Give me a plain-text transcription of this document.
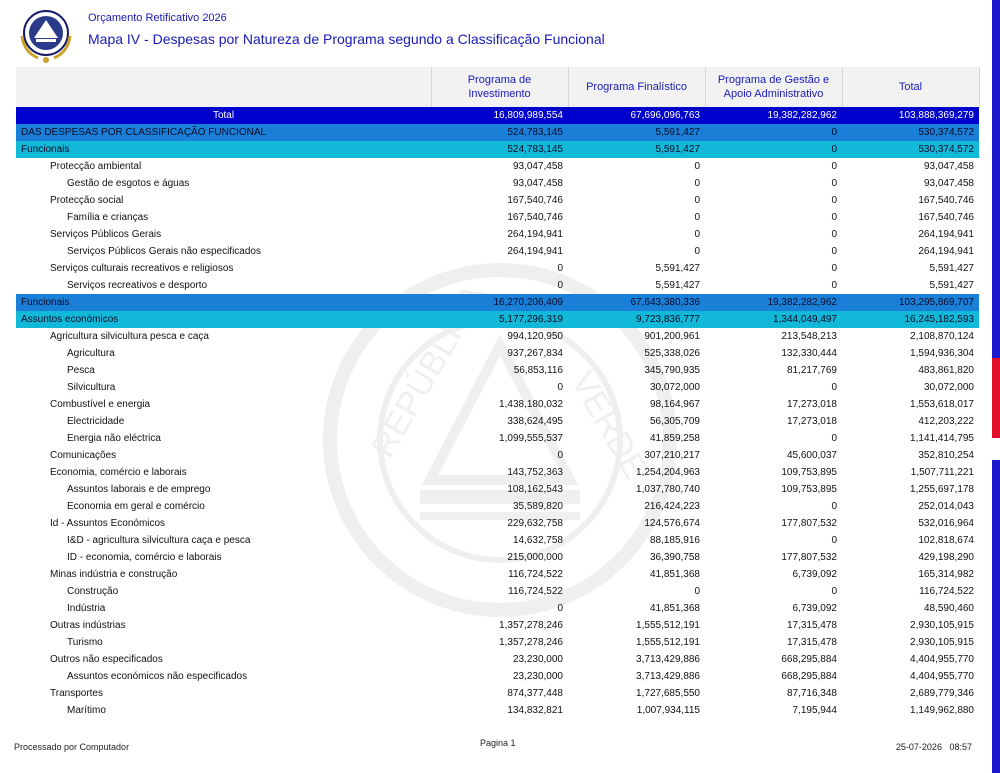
Orçamento Retificativo 2026
Mapa IV - Despesas por Natureza de Programa segundo a Classificação Funcional
REPÚBLICA VERDE
	Programa de Investimento	Programa Finalístico	Programa de Gestão e Apoio Administrativo	Total
Total	16,809,989,554	67,696,096,763	19,382,282,962	103,888,369,279
DAS DESPESAS POR CLASSIFICAÇÃO FUNCIONAL	524,783,145	5,591,427	0	530,374,572
Funcionais	524,783,145	5,591,427	0	530,374,572
Protecção ambiental	93,047,458	0	0	93,047,458
Gestão de esgotos e águas	93,047,458	0	0	93,047,458
Protecção social	167,540,746	0	0	167,540,746
Família e crianças	167,540,746	0	0	167,540,746
Serviços Públicos Gerais	264,194,941	0	0	264,194,941
Serviços Públicos Gerais não especificados	264,194,941	0	0	264,194,941
Serviços culturais recreativos e religiosos	0	5,591,427	0	5,591,427
Serviços recreativos e desporto	0	5,591,427	0	5,591,427
Funcionais	16,270,206,409	67,643,380,336	19,382,282,962	103,295,869,707
Assuntos económicos	5,177,296,319	9,723,836,777	1,344,049,497	16,245,182,593
Agricultura silvicultura pesca e caça	994,120,950	901,200,961	213,548,213	2,108,870,124
Agricultura	937,267,834	525,338,026	132,330,444	1,594,936,304
Pesca	56,853,116	345,790,935	81,217,769	483,861,820
Silvicultura	0	30,072,000	0	30,072,000
Combustível e energia	1,438,180,032	98,164,967	17,273,018	1,553,618,017
Electricidade	338,624,495	56,305,709	17,273,018	412,203,222
Energia não eléctrica	1,099,555,537	41,859,258	0	1,141,414,795
Comunicações	0	307,210,217	45,600,037	352,810,254
Economia, comércio e laborais	143,752,363	1,254,204,963	109,753,895	1,507,711,221
Assuntos laborais e de emprego	108,162,543	1,037,780,740	109,753,895	1,255,697,178
Economia em geral e comércio	35,589,820	216,424,223	0	252,014,043
Id - Assuntos Económicos	229,632,758	124,576,674	177,807,532	532,016,964
I&D - agricultura silvicultura caça e pesca	14,632,758	88,185,916	0	102,818,674
ID - economia, comércio e laborais	215,000,000	36,390,758	177,807,532	429,198,290
Minas indústria e construção	116,724,522	41,851,368	6,739,092	165,314,982
Construção	116,724,522	0	0	116,724,522
Indústria	0	41,851,368	6,739,092	48,590,460
Outras indústrias	1,357,278,246	1,555,512,191	17,315,478	2,930,105,915
Turismo	1,357,278,246	1,555,512,191	17,315,478	2,930,105,915
Outros não especificados	23,230,000	3,713,429,886	668,295,884	4,404,955,770
Assuntos económicos não especificados	23,230,000	3,713,429,886	668,295,884	4,404,955,770
Transportes	874,377,448	1,727,685,550	87,716,348	2,689,779,346
Marítimo	134,832,821	1,007,934,115	7,195,944	1,149,962,880
Processado por Computador	Pagina 1	25-07-2026 08:57
